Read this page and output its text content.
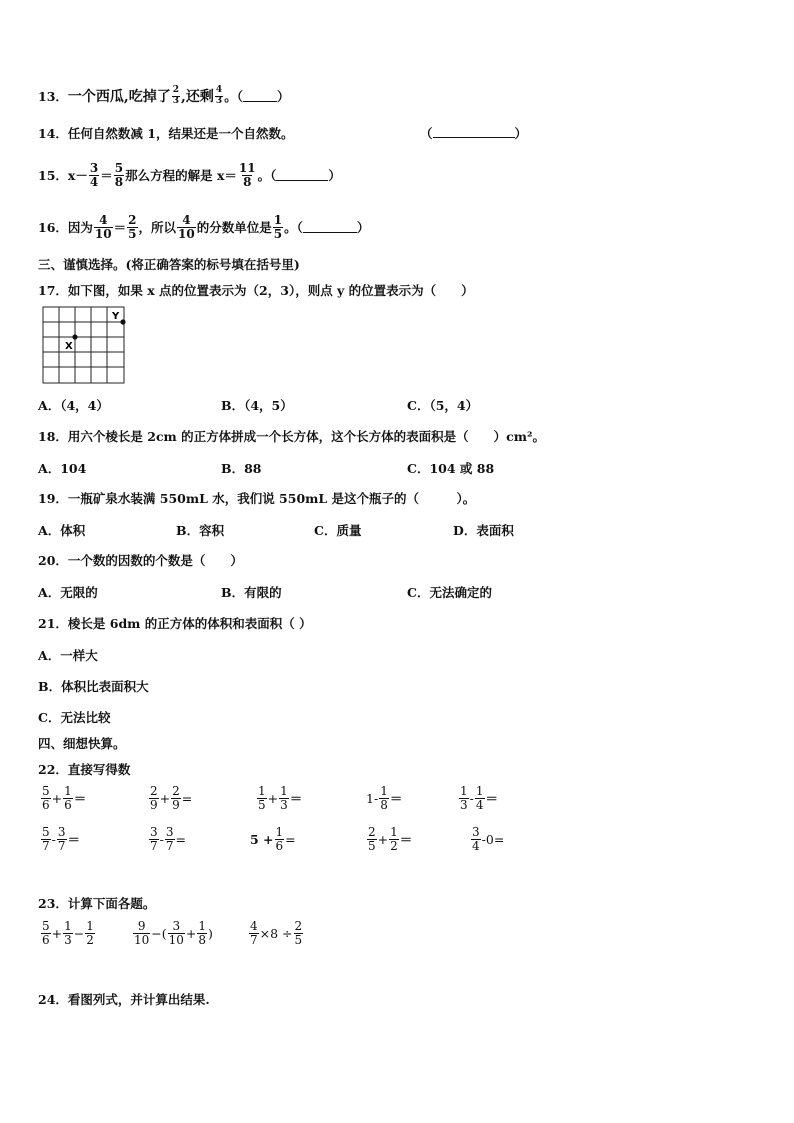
13． 一个西瓜,吃掉了 $\frac{2}{3}$ ,还剩 $\frac{4}{3}$ 。（	）
14．任何自然数减 1，结果还是一个自然数。	（	）
15． $x- \frac{3}{4} = \frac{5}{8}$ 那么方程的解是 $x= \frac{11}{8}$ 。（	）
16． 因为 $\frac{4}{10} = \frac{2}{5}$ ，所以 $\frac{4}{10}$ 的分数单位是 $\frac{1}{5}$ 。（	）
三、谨慎选择。(将正确答案的标号填在括号里)
17．如下图，如果 x 点的位置表示为（2，3），则点 y 的位置表示为（　　）
X
Y
A．（4，4）	B．（4，5）	C．（5，4）
18．用六个棱长是 2cm 的正方体拼成一个长方体，这个长方体的表面积是（　　）cm²。
A．104	B．88	C．104 或 88
19．一瓶矿泉水装满 550mL 水，我们说 550mL 是这个瓶子的（　　　）。
A．体积	B．容积	C．质量	D．表面积
20．一个数的因数的个数是（　　）
A．无限的	B．有限的	C．无法确定的
21．棱长是 6dm 的正方体的体积和表面积（ ）
A．一样大
B．体积比表面积大
C．无法比较
四、细想快算。
22．直接写得数
$\frac{5}{6} + \frac{1}{6}$ ＝	$\frac{2}{9} + \frac{2}{9}$ =	$\frac{1}{5} + \frac{1}{3}$ ＝	$1- \frac{1}{8}$ ＝	$\frac{1}{3} - \frac{1}{4}$ ＝
$\frac{5}{7} - \frac{3}{7}$ ＝	$\frac{3}{7} - \frac{3}{7}$ =	$5 + \frac{1}{6}$ =	$\frac{2}{5} + \frac{1}{2}$ ＝	$\frac{3}{4} -0=$
23．计算下面各题。
$\frac{5}{6} + \frac{1}{3} - \frac{1}{2}$	$\frac{9}{10}$ −( $\frac{3}{10} + \frac{1}{8}$ )	$\frac{4}{7} \times 8 \div \frac{2}{5}$
24．看图列式，并计算出结果.
